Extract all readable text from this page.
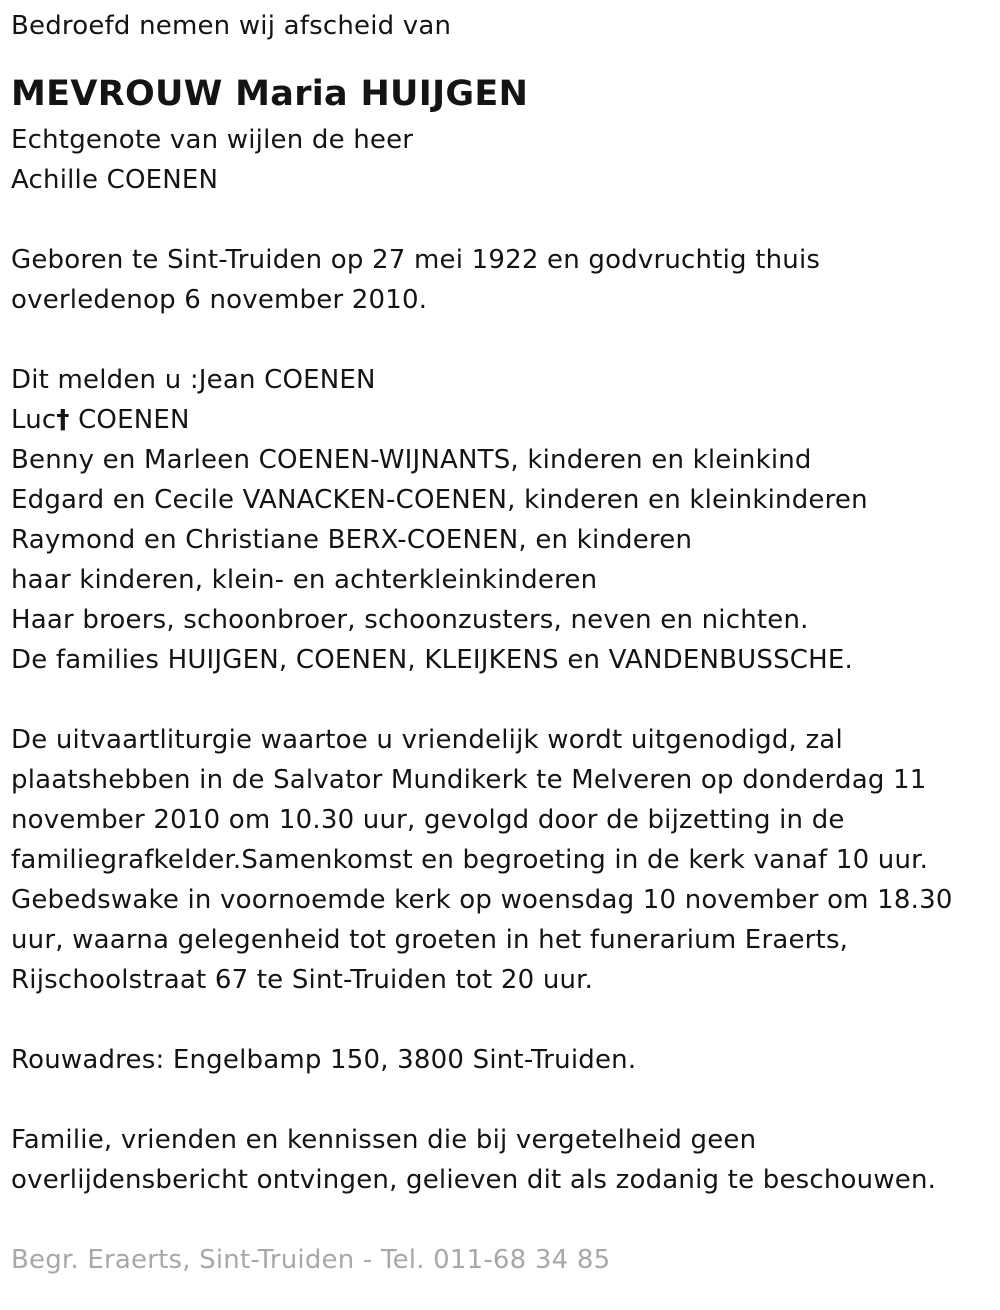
Bedroefd nemen wij afscheid van
MEVROUW Maria HUIJGEN
Echtgenote van wijlen de heer
Achille COENEN
Geboren te Sint-Truiden op 27 mei 1922 en godvruchtig thuis
overledenop 6 november 2010.
Dit melden u :Jean COENEN
Luc† COENEN
Benny en Marleen COENEN-WIJNANTS, kinderen en kleinkind
Edgard en Cecile VANACKEN-COENEN, kinderen en kleinkinderen
Raymond en Christiane BERX-COENEN, en kinderen
haar kinderen, klein- en achterkleinkinderen
Haar broers, schoonbroer, schoonzusters, neven en nichten.
De families HUIJGEN, COENEN, KLEIJKENS en VANDENBUSSCHE.
De uitvaartliturgie waartoe u vriendelijk wordt uitgenodigd, zal
plaatshebben in de Salvator Mundikerk te Melveren op donderdag 11
november 2010 om 10.30 uur, gevolgd door de bijzetting in de
familiegrafkelder.Samenkomst en begroeting in de kerk vanaf 10 uur.
Gebedswake in voornoemde kerk op woensdag 10 november om 18.30
uur, waarna gelegenheid tot groeten in het funerarium Eraerts,
Rijschoolstraat 67 te Sint-Truiden tot 20 uur.
Rouwadres: Engelbamp 150, 3800 Sint-Truiden.
Familie, vrienden en kennissen die bij vergetelheid geen
overlijdensbericht ontvingen, gelieven dit als zodanig te beschouwen.
Begr. Eraerts, Sint-Truiden - Tel. 011-68 34 85
